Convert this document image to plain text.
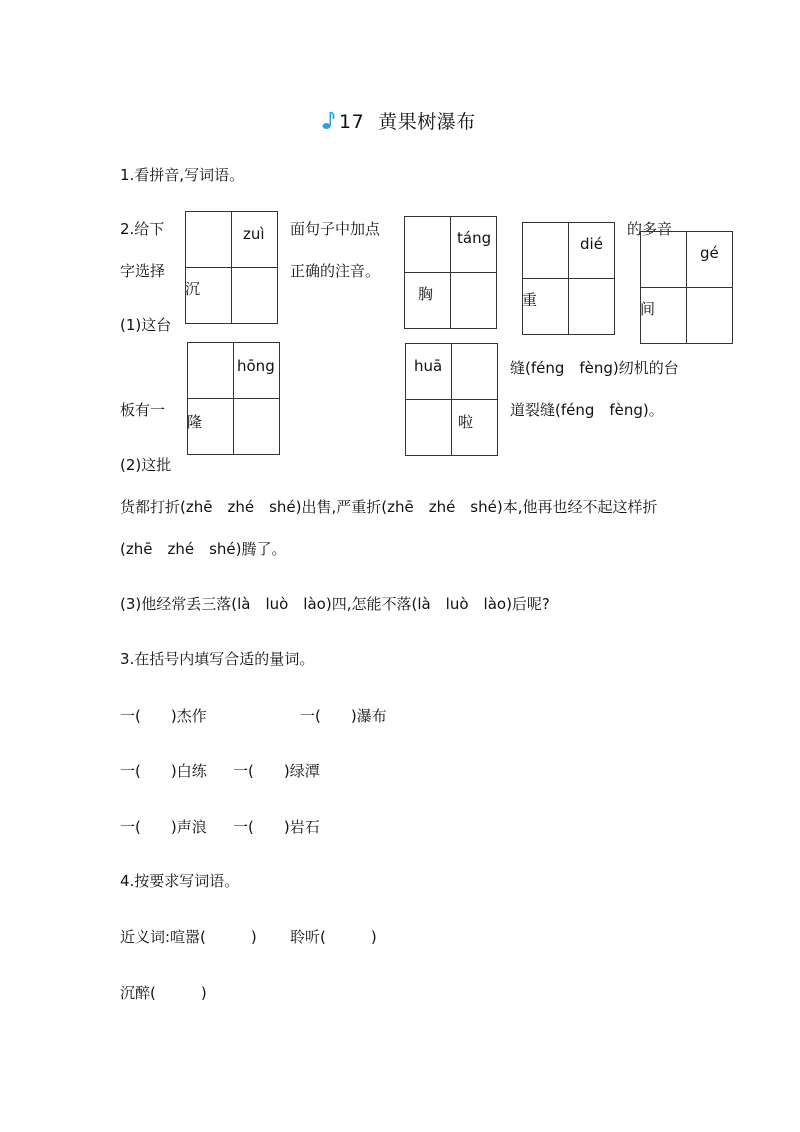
17 黄果树瀑布
1.看拼音,写词语。
2.给下	面句子中加点	的多音
字选择	正确的注音。
(1)这台
缝(féng　fèng)纫机的台
板有一	道裂缝(féng　fèng)。
(2)这批
货都打折(zhē　zhé　shé)出售,严重折(zhē　zhé　shé)本,他再也经不起这样折
(zhē　zhé　shé)腾了。
(3)他经常丢三落(là　luò　lào)四,怎能不落(là　luò　lào)后呢?
zuì
沉
táng
胸
dié
重
gé
间
hōng
隆
huā
啦
3.在括号内填写合适的量词。
一(　　)杰作	一(　　)瀑布
一(　　)白练 一(　　)绿潭
一(　　)声浪 一(　　)岩石
4.按要求写词语。
近义词:喧嚣(　　　) 聆听(　　　)
沉醉(　　　)
